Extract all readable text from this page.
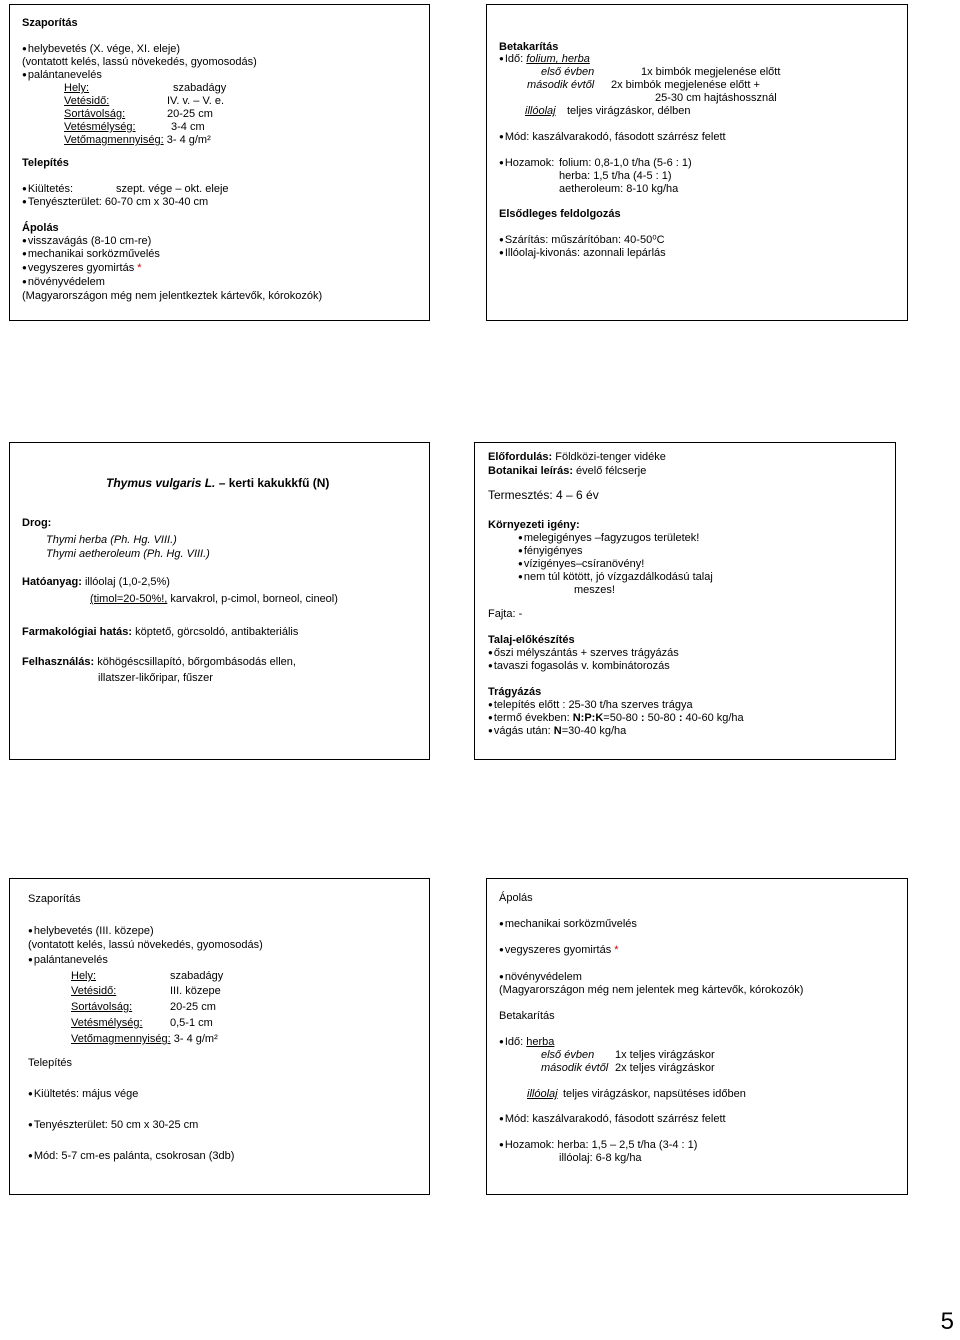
Szaporítás
● helybevetés (X. vége, XI. eleje)
(vontatott kelés, lassú növekedés, gyomosodás)
● palántanevelés
Hely:	szabadágy
Vetésidő:	IV. v. – V. e.
Sortávolság:	20-25 cm
Vetésmélység:	3-4 cm
Vetőmagmennyiség: 3- 4 g/m²
Telepítés
● Kiültetés:	szept. vége – okt. eleje
● Tenyészterület: 60-70 cm x 30-40 cm
Ápolás
● visszavágás (8-10 cm-re)
● mechanikai sorközművelés
● vegyszeres gyomirtás *
● növényvédelem
(Magyarországon még nem jelentkeztek kártevők, kórokozók)
Betakarítás
● Idő: folium, herba
első évben	1x bimbók megjelenése előtt
második évtől 2x bimbók megjelenése előtt +
25-30 cm hajtáshossznál
illóolaj teljes virágzáskor, délben
● Mód: kaszálvarakodó, fásodott szárrész felett
● Hozamok: folium: 0,8-1,0 t/ha (5-6 : 1)
herba: 1,5 t/ha (4-5 : 1)
aetheroleum: 8-10 kg/ha
Elsődleges feldolgozás
● Szárítás: műszárítóban: 40-50⁰C
● Illóolaj-kivonás: azonnali lepárlás
Thymus vulgaris L. – kerti kakukkfű (N)
Drog:
Thymi herba (Ph. Hg. VIII.)
Thymi aetheroleum (Ph. Hg. VIII.)
Hatóanyag: illóolaj (1,0-2,5%)
(timol=20-50%!, karvakrol, p-cimol, borneol, cineol)
Farmakológiai hatás: köptető, görcsoldó, antibakteriális
Felhasználás: köhögéscsillapító, bőrgombásodás ellen,
illatszer-likőripar, fűszer
Előfordulás: Földközi-tenger vidéke
Botanikai leírás: évelő félcserje
Termesztés: 4 – 6 év
Környezeti igény:
● melegigényes –fagyzugos területek!
● fényigényes
● vízigényes–csíranövény!
● nem túl kötött, jó vízgazdálkodású talaj
meszes!
Fajta: -
Talaj-előkészítés
● őszi mélyszántás + szerves trágyázás
● tavaszi fogasolás v. kombinátorozás
Trágyázás
● telepítés előtt : 25-30 t/ha szerves trágya
● termő években: N:P:K=50-80 : 50-80 : 40-60 kg/ha
● vágás után: N=30-40 kg/ha
Szaporítás
● helybevetés (III. közepe)
(vontatott kelés, lassú növekedés, gyomosodás)
● palántanevelés
Hely:	szabadágy
Vetésidő:	III. közepe
Sortávolság:	20-25 cm
Vetésmélység: 0,5-1 cm
Vetőmagmennyiség: 3- 4 g/m²
Telepítés
● Kiültetés: május vége
● Tenyészterület: 50 cm x 30-25 cm
● Mód: 5-7 cm-es palánta, csokrosan (3db)
Ápolás
● mechanikai sorközművelés
● vegyszeres gyomirtás *
● növényvédelem
(Magyarországon még nem jelentek meg kártevők, kórokozók)
Betakarítás
● Idő: herba
első évben 1x teljes virágzáskor
második évtől 2x teljes virágzáskor
illóolaj teljes virágzáskor, napsütéses időben
● Mód: kaszálvarakodó, fásodott szárrész felett
● Hozamok: herba: 1,5 – 2,5 t/ha (3-4 : 1)
illóolaj: 6-8 kg/ha
5
